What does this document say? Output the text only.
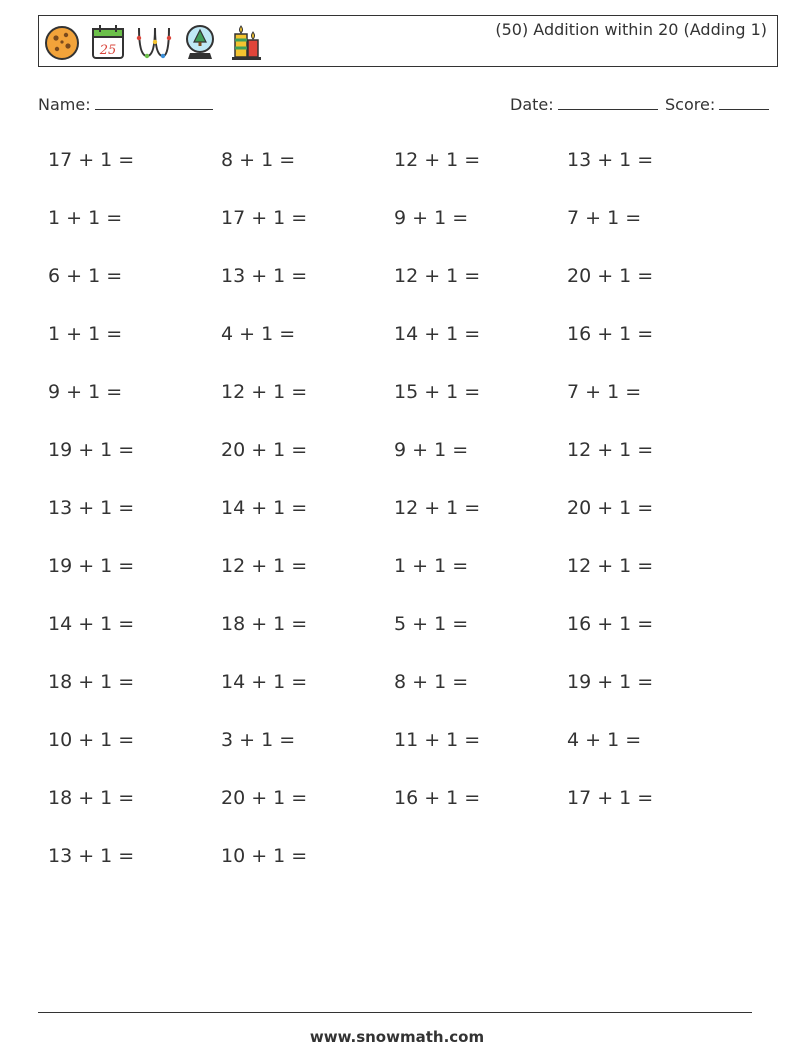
25
(50) Addition within 20 (Adding 1)
Name:	Date:	Score:
17 + 1 =	8 + 1 =	12 + 1 =	13 + 1 =
1 + 1 =	17 + 1 =	9 + 1 =	7 + 1 =
6 + 1 =	13 + 1 =	12 + 1 =	20 + 1 =
1 + 1 =	4 + 1 =	14 + 1 =	16 + 1 =
9 + 1 =	12 + 1 =	15 + 1 =	7 + 1 =
19 + 1 =	20 + 1 =	9 + 1 =	12 + 1 =
13 + 1 =	14 + 1 =	12 + 1 =	20 + 1 =
19 + 1 =	12 + 1 =	1 + 1 =	12 + 1 =
14 + 1 =	18 + 1 =	5 + 1 =	16 + 1 =
18 + 1 =	14 + 1 =	8 + 1 =	19 + 1 =
10 + 1 =	3 + 1 =	11 + 1 =	4 + 1 =
18 + 1 =	20 + 1 =	16 + 1 =	17 + 1 =
13 + 1 =	10 + 1 =
www.snowmath.com
